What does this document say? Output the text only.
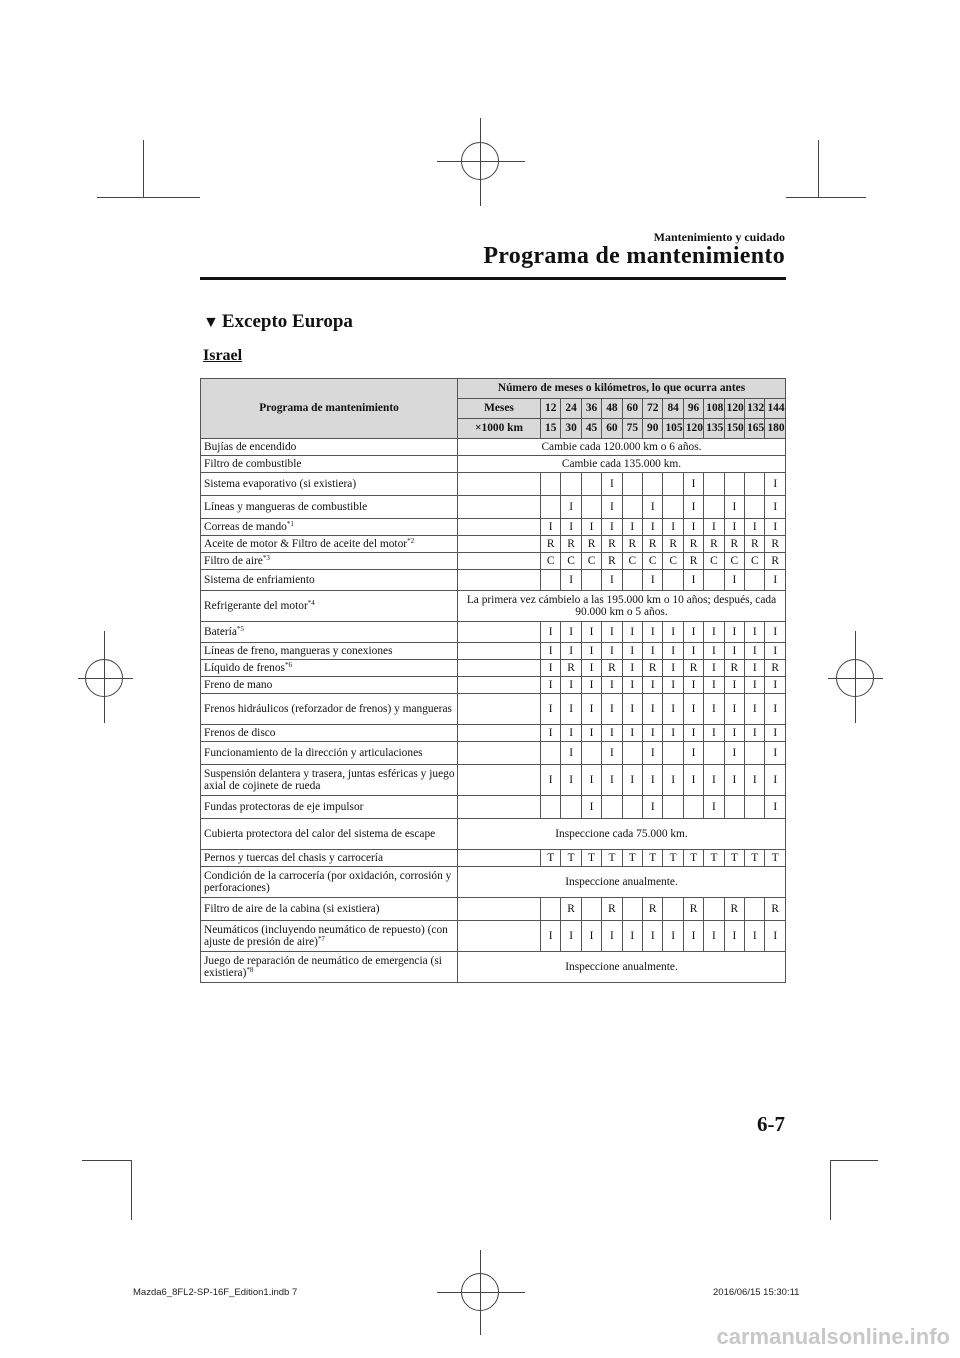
Mantenimiento y cuidado
Programa de mantenimiento
▼ Excepto Europa
Israel
Programa de mantenimiento	Número de meses o kilómetros, lo que ocurra antes												
	Meses	12	24	36	48	60	72	84	96	108	120	132	144
	×1000 km	15	30	45	60	75	90	105	120	135	150	165	180
Bujías de encendido	Cambie cada 120.000 km o 6 años.												
Filtro de combustible	Cambie cada 135.000 km.												
Sistema evaporativo (si existiera)					I				I				I
Líneas y mangueras de combustible			I		I		I		I		I		I
Correas de mando$^{*1}$		I	I	I	I	I	I	I	I	I	I	I	I
Aceite de motor & Filtro de aceite del motor$^{*2}$		R	R	R	R	R	R	R	R	R	R	R	R
Filtro de aire$^{*3}$		C	C	C	R	C	C	C	R	C	C	C	R
Sistema de enfriamiento			I		I		I		I		I		I
Refrigerante del motor$^{*4}$	La primera vez cámbielo a las 195.000 km o 10 años; después, cada 90.000 km o 5 años.												
Batería$^{*5}$		I	I	I	I	I	I	I	I	I	I	I	I
Líneas de freno, mangueras y conexiones		I	I	I	I	I	I	I	I	I	I	I	I
Líquido de frenos$^{*6}$		I	R	I	R	I	R	I	R	I	R	I	R
Freno de mano		I	I	I	I	I	I	I	I	I	I	I	I
Frenos hidráulicos (reforzador de frenos) y mangueras		I	I	I	I	I	I	I	I	I	I	I	I
Frenos de disco		I	I	I	I	I	I	I	I	I	I	I	I
Funcionamiento de la dirección y articulaciones			I		I		I		I		I		I
Suspensión delantera y trasera, juntas esféricas y juego axial de cojinete de rueda		I	I	I	I	I	I	I	I	I	I	I	I
Fundas protectoras de eje impulsor				I			I			I			I
Cubierta protectora del calor del sistema de escape	Inspeccione cada 75.000 km.												
Pernos y tuercas del chasis y carrocería		T	T	T	T	T	T	T	T	T	T	T	T
Condición de la carrocería (por oxidación, corrosión y perforaciones)	Inspeccione anualmente.												
Filtro de aire de la cabina (si existiera)			R		R		R		R		R		R
Neumáticos (incluyendo neumático de repuesto) (con ajuste de presión de aire)$^{*7}$		I	I	I	I	I	I	I	I	I	I	I	I
Juego de reparación de neumático de emergencia (si existiera)$^{*8}$	Inspeccione anualmente.												
6-7
Mazda6_8FL2-SP-16F_Edition1.indb 7	2016/06/15 15:30:11
carmanualsonline.info
